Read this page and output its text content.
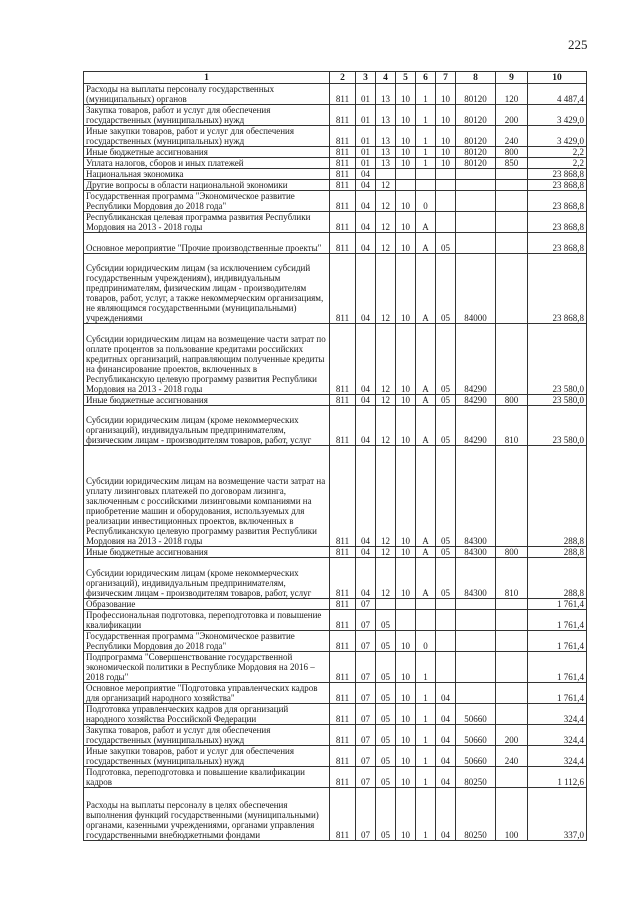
225
1	2	3	4	5	6	7	8	9	10
Расходы на выплаты персоналу государственных (муниципальных) органов	811	01	13	10	1	10	80120	120	4 487,4
Закупка товаров, работ и услуг для обеспечения государственных (муниципальных) нужд	811	01	13	10	1	10	80120	200	3 429,0
Иные закупки товаров, работ и услуг для обеспечения государственных (муниципальных) нужд	811	01	13	10	1	10	80120	240	3 429,0
Иные бюджетные ассигнования	811	01	13	10	1	10	80120	800	2,2
Уплата налогов, сборов и иных платежей	811	01	13	10	1	10	80120	850	2,2
Национальная экономика	811	04							23 868,8
Другие вопросы в области национальной экономики	811	04	12						23 868,8
Государственная программа "Экономическое развитие Республики Мордовия до 2018 года"	811	04	12	10	0				23 868,8
Республиканская целевая программа развития Республики Мордовия на 2013 - 2018 годы	811	04	12	10	А				23 868,8
Основное мероприятие "Прочие производственные проекты"	811	04	12	10	А	05			23 868,8
Субсидии юридическим лицам (за исключением субсидий государственным учреждениям), индивидуальным предпринимателям, физическим лицам - производителям товаров, работ, услуг, а также некоммерческим организациям, не являющимся государственными (муниципальными) учреждениями	811	04	12	10	А	05	84000		23 868,8
Субсидии юридическим лицам на возмещение части затрат по оплате процентов за пользование кредитами российских кредитных организаций, направляющим полученные кредиты на финансирование проектов, включенных в Республиканскую целевую программу развития Республики Мордовия на 2013 - 2018 годы	811	04	12	10	А	05	84290		23 580,0
Иные бюджетные ассигнования	811	04	12	10	А	05	84290	800	23 580,0
Субсидии юридическим лицам (кроме некоммерческих организаций), индивидуальным предпринимателям, физическим лицам - производителям товаров, работ, услуг	811	04	12	10	А	05	84290	810	23 580,0
Субсидии юридическим лицам на возмещение части затрат на уплату лизинговых платежей по договорам лизинга, заключенным с российскими лизинговыми компаниями на приобретение машин и оборудования, используемых для реализации инвестиционных проектов, включенных в Республиканскую целевую программу развития Республики Мордовия на 2013 - 2018 годы	811	04	12	10	А	05	84300		288,8
Иные бюджетные ассигнования	811	04	12	10	А	05	84300	800	288,8
Субсидии юридическим лицам (кроме некоммерческих организаций), индивидуальным предпринимателям, физическим лицам - производителям товаров, работ, услуг	811	04	12	10	А	05	84300	810	288,8
Образование	811	07							1 761,4
Профессиональная подготовка, переподготовка и повышение квалификации	811	07	05						1 761,4
Государственная программа "Экономическое развитие Республики Мордовия до 2018 года"	811	07	05	10	0				1 761,4
Подпрограмма "Совершенствование государственной экономической политики в Республике Мордовия на 2016 – 2018 годы"	811	07	05	10	1				1 761,4
Основное мероприятие "Подготовка управленческих кадров для организаций народного хозяйства"	811	07	05	10	1	04			1 761,4
Подготовка управленческих кадров для организаций народного хозяйства Российской Федерации	811	07	05	10	1	04	50660		324,4
Закупка товаров, работ и услуг для обеспечения государственных (муниципальных) нужд	811	07	05	10	1	04	50660	200	324,4
Иные закупки товаров, работ и услуг для обеспечения государственных (муниципальных) нужд	811	07	05	10	1	04	50660	240	324,4
Подготовка, переподготовка и повышение квалификации кадров	811	07	05	10	1	04	80250		1 112,6
Расходы на выплаты персоналу в целях обеспечения выполнения функций государственными (муниципальными) органами, казенными учреждениями, органами управления государственными внебюджетными фондами	811	07	05	10	1	04	80250	100	337,0
